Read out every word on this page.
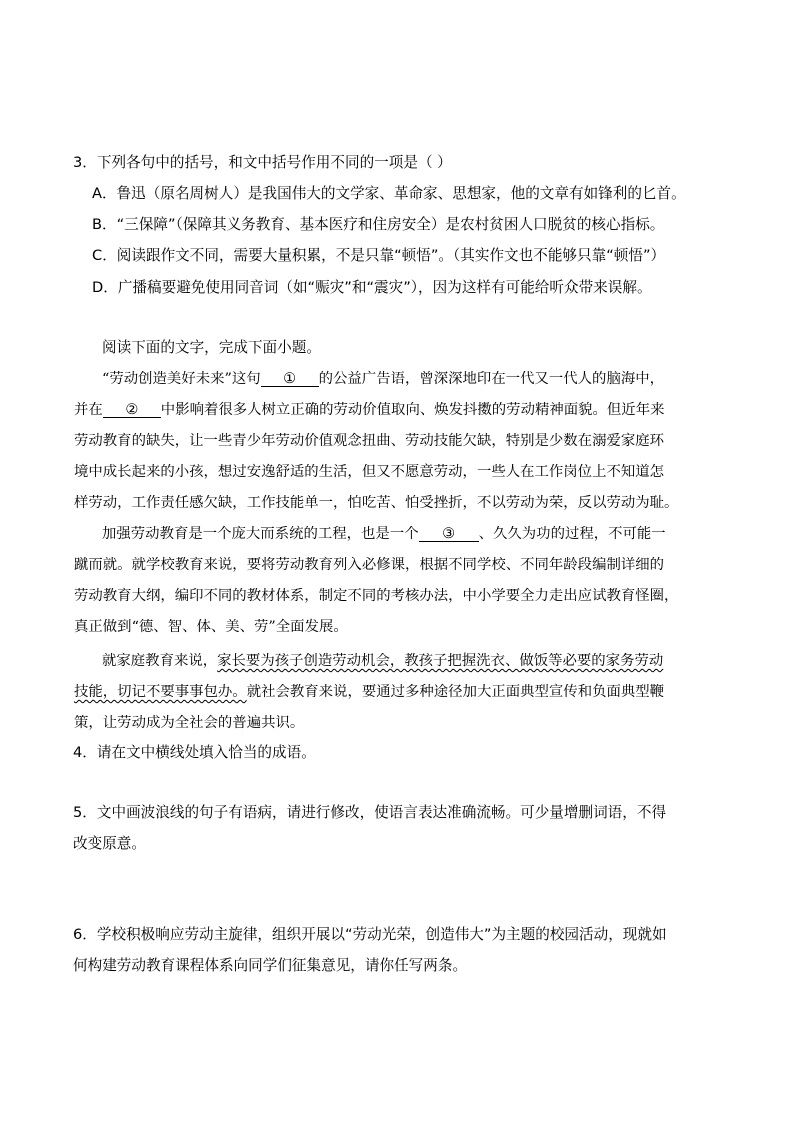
3．下列各句中的括号，和文中括号作用不同的一项是（ ）
A．鲁迅（原名周树人）是我国伟大的文学家、革命家、思想家，他的文章有如锋利的匕首。
B．“三保障”（保障其义务教育、基本医疗和住房安全）是农村贫困人口脱贫的核心指标。
C．阅读跟作文不同，需要大量积累，不是只靠“顿悟”。（其实作文也不能够只靠“顿悟”）
D．广播稿要避免使用同音词（如“赈灾”和“震灾”），因为这样有可能给听众带来误解。
阅读下面的文字，完成下面小题。
“劳动创造美好未来”这句 ① 的公益广告语，曾深深地印在一代又一代人的脑海中，
并在 ② 中影响着很多人树立正确的劳动价值取向、焕发抖擞的劳动精神面貌。但近年来
劳动教育的缺失，让一些青少年劳动价值观念扭曲、劳动技能欠缺，特别是少数在溺爱家庭环
境中成长起来的小孩，想过安逸舒适的生活，但又不愿意劳动，一些人在工作岗位上不知道怎
样劳动，工作责任感欠缺，工作技能单一，怕吃苦、怕受挫折，不以劳动为荣，反以劳动为耻。
加强劳动教育是一个庞大而系统的工程，也是一个 ③ 、久久为功的过程，不可能一
蹴而就。就学校教育来说，要将劳动教育列入必修课，根据不同学校、不同年龄段编制详细的
劳动教育大纲，编印不同的教材体系，制定不同的考核办法，中小学要全力走出应试教育怪圈，
真正做到“德、智、体、美、劳”全面发展。
就家庭教育来说，家长要为孩子创造劳动机会，教孩子把握洗衣、做饭等必要的家务劳动
技能，切记不要事事包办。就社会教育来说，要通过多种途径加大正面典型宣传和负面典型鞭
策，让劳动成为全社会的普遍共识。
4．请在文中横线处填入恰当的成语。
5．文中画波浪线的句子有语病，请进行修改，使语言表达准确流畅。可少量增删词语，不得
改变原意。
6．学校积极响应劳动主旋律，组织开展以“劳动光荣，创造伟大”为主题的校园活动，现就如
何构建劳动教育课程体系向同学们征集意见，请你任写两条。
